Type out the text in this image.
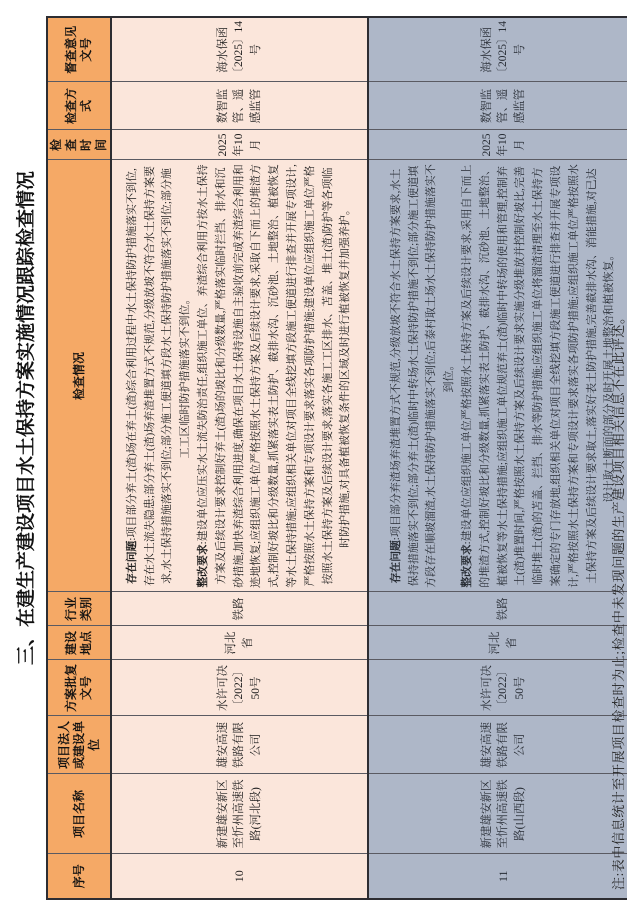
三、在建生产建设项目水土保持方案实施情况跟踪检查情况
序号	项目名称	项目法人或建设单位	方案批复文号	建设地点	行业类别	检查情况	检查时间	检查方式	督查意见文号
10	新建雄安新区至忻州高速铁路(河北段)	雄安高速铁路有限公司	水许可决〔2022〕50号	河北省	铁路	存在问题:项目部分弃土(渣)场在弃土(渣)综合利用过程中水土保持防护措施落实不到位,存在水土流失隐患;部分弃土(渣)场弃渣堆置方式不规范,分级放坡不符合水土保持方案要求,水土保持措施落实不到位;部分施工便道填方段水土保持防护措施落实不到位;部分施工工区临时防护措施落实不到位。

整改要求:建设单位应压实水土流失防治责任,组织施工单位、弃渣综合利用方按水土保持方案及后续设计要求控制好弃土(渣)场的坡比和分级数量,严格落实临时拦挡、排水和沉砂措施,加快弃渣综合利用进度,确保在项目水土保持设施自主验收前完成弃渣综合利用和迹地恢复;应组织施工单位严格按照水土保持方案及后续设计要求,采取自下而上的堆渣方式,控制好坡比和分级数量,抓紧落实表土防护、截排水沟、沉砂池、土地整治、植被恢复等水土保持措施;应组织相关单位对项目全线挖填方段施工便道进行排查并开展专项设计,严格按照水土保持方案和专项设计要求落实各项防护措施;建设单位应组织施工单位严格按照水土保持方案及后续设计要求,落实各施工工区排水、苫盖、堆土(渣)防护等各项临时防护措施,对具备植被恢复条件的区域及时进行植被恢复并加强养护。	2025年10月	数智监管、遥感监管	海水保函〔2025〕14号
11	新建雄安新区至忻州高速铁路(山西段)	雄安高速铁路有限公司	水许可决〔2022〕50号	河北省	铁路	存在问题:项目部分弃渣场弃渣堆置方式不规范,分级放坡不符合水土保持方案要求,水土保持措施落实不到位;部分弃土(渣)临时中转场水土保持防护措施不到位;部分施工便道填方段存在顺坡溜渣,水土保持防护措施落实不到位;后泰村取土场水土保持防护措施落实不到位。

整改要求:建设单位应组织施工单位严格按照水土保持方案及后续设计要求,采用自下而上的堆渣方式,控制好坡比和分级数量,抓紧落实表土防护、截排水沟、沉砂池、土地整治、植被恢复等水土保持措施;应组织施工单位规范弃土(渣)临时中转场的使用和管理,控制弃土(渣)堆置时间,严格按照水土保持方案及后续设计要求实施分级堆放并控制好坡比,完善临时堆土(渣)的苫盖、拦挡、排水等防护措施;应组织施工单位将溜渣清理至水土保持方案确定的专门存放地,组织相关单位对项目全线挖填方段施工便道进行排查并开展专项设计,严格按照水土保持方案和专项设计要求落实各项防护措施;应组织施工单位严格按照水土保持方案及后续设计要求取土,落实好表土防护措施,完善截排水沟、消能措施,对已达设计取土断面的部分及时开展土地整治和植被恢复。	2025年10月	数智监管、遥感监管	海水保函〔2025〕14号
注:表中信息统计至开展项目检查时为止;检查中未发现问题的生产建设项目相关信息不在此评述。
